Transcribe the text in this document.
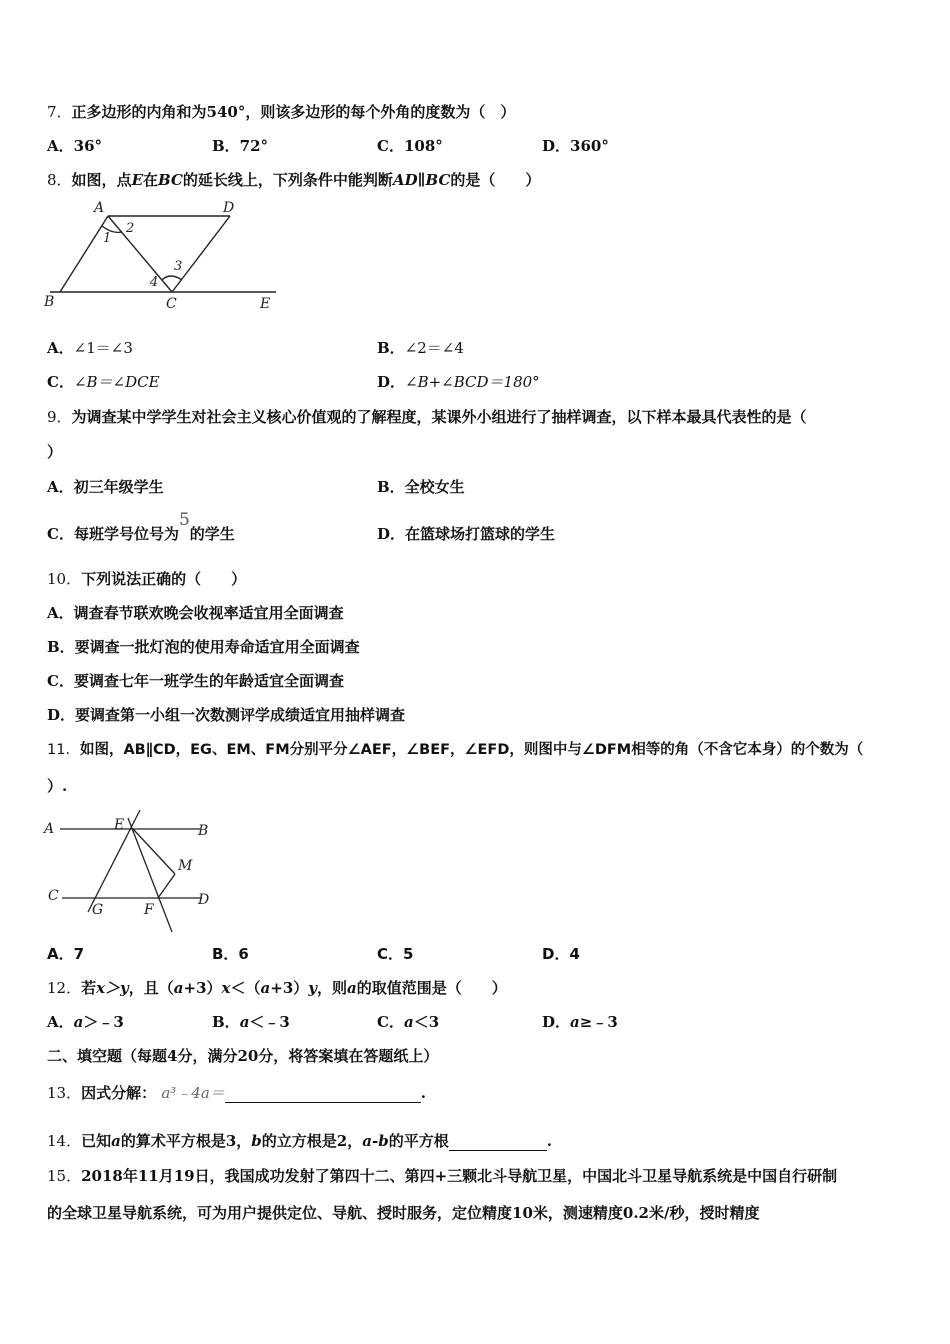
7．正多边形的内角和为540°，则该多边形的每个外角的度数为（　）
A．36°	B．72°	C．108°	D．360°
8．如图，点E在BC的延长线上，下列条件中能判断AD∥BC的是（　　）
A	D
1
2
3
4
B	C	E
A．∠1＝∠3	B．∠2＝∠4
C．∠B＝∠DCE	D．∠B+∠BCD＝180°
9．为调查某中学学生对社会主义核心价值观的了解程度，某课外小组进行了抽样调查，以下样本最具代表性的是（
）
A．初三年级学生	B．全校女生
C．每班学号位号为5的学生	D．在篮球场打篮球的学生
10．下列说法正确的（　　）
A．调查春节联欢晚会收视率适宜用全面调查
B．要调查一批灯泡的使用寿命适宜用全面调查
C．要调查七年一班学生的年龄适宜全面调查
D．要调查第一小组一次数测评学成绩适宜用抽样调查
11．如图，AB∥CD，EG、EM、FM分别平分∠AEF，∠BEF，∠EFD，则图中与∠DFM相等的角（不含它本身）的个数为（
）.
A	E	B
M
C
G	F
D
A．7	B．6	C．5	D．4
12．若x＞y，且（a+3）x＜（a+3）y，则a的取值范围是（　　）
A．a＞﹣3	B．a＜﹣3	C．a＜3	D．a≥﹣3
二、填空题（每题4分，满分20分，将答案填在答题纸上）
13．因式分解： a³﹣4a＝	.
14．已知a的算术平方根是3，b的立方根是2，a-b的平方根	.
15．2018年11月19日，我国成功发射了第四十二、第四+三颗北斗导航卫星，中国北斗卫星导航系统是中国自行研制
的全球卫星导航系统，可为用户提供定位、导航、授时服务，定位精度10米，测速精度0.2米/秒，授时精度
